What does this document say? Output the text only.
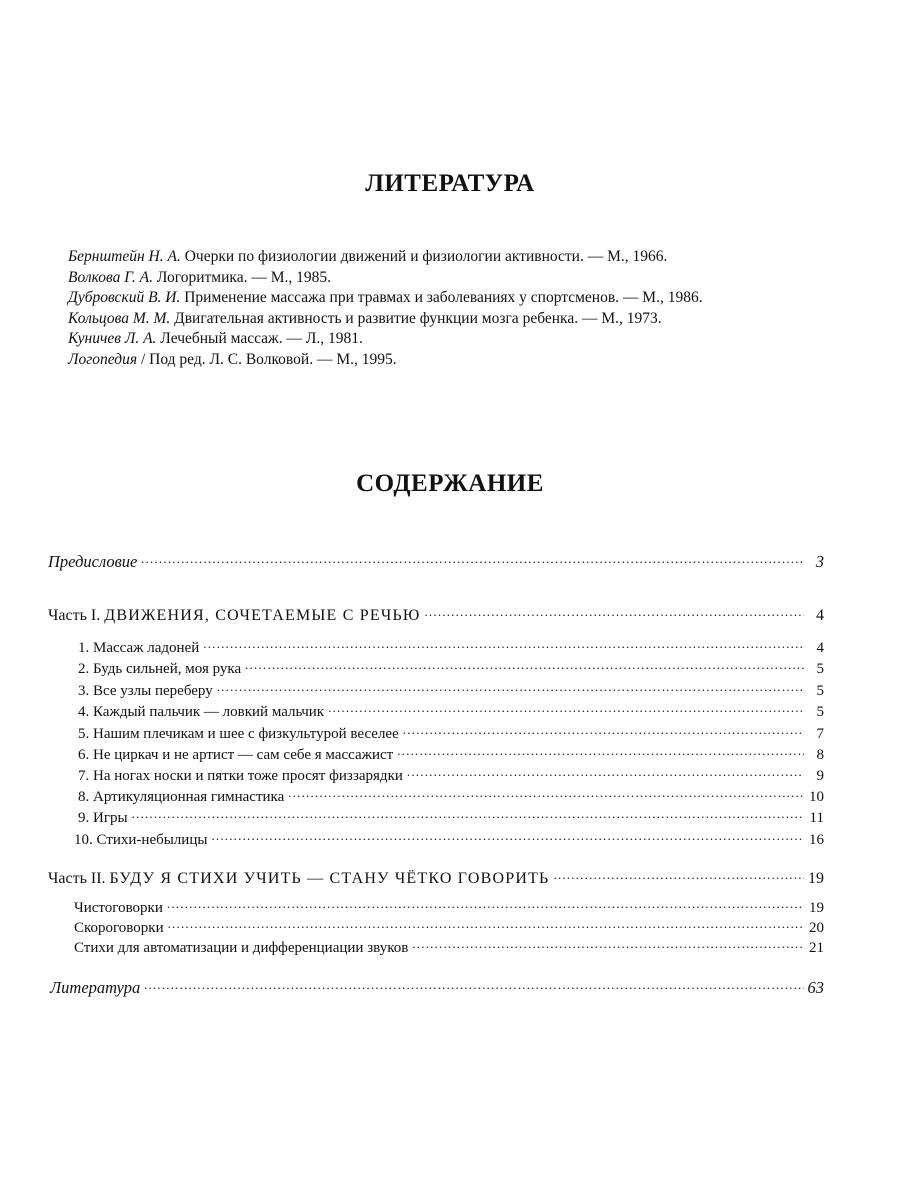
ЛИТЕРАТУРА
Бернштейн Н. А. Очерки по физиологии движений и физиологии активности. — М., 1966.
Волкова Г. А. Логоритмика. — М., 1985.
Дубровский В. И. Применение массажа при травмах и заболеваниях у спортсменов. — М., 1986.
Кольцова М. М. Двигательная активность и развитие функции мозга ребенка. — М., 1973.
Куничев Л. А. Лечебный массаж. — Л., 1981.
Логопедия / Под ред. Л. С. Волковой. — М., 1995.
СОДЕРЖАНИЕ
Предисловие .....	3
Часть I. ДВИЖЕНИЯ, СОЧЕТАЕМЫЕ С РЕЧЬЮ .....	4
1. Массаж ладоней .....	4
2. Будь сильней, моя рука .....	5
3. Все узлы переберу .....	5
4. Каждый пальчик — ловкий мальчик .....	5
5. Нашим плечикам и шее с физкультурой веселее .....	7
6. Не циркач и не артист — сам себе я массажист .....	8
7. На ногах носки и пятки тоже просят физзарядки .....	9
8. Артикуляционная гимнастика .....	10
9. Игры .....	11
10. Стихи-небылицы .....	16
Часть II. БУДУ Я СТИХИ УЧИТЬ — СТАНУ ЧЁТКО ГОВОРИТЬ .....	19
Чистоговорки .....	19
Скороговорки .....	20
Стихи для автоматизации и дифференциации звуков .....	21
Литература .....	63
